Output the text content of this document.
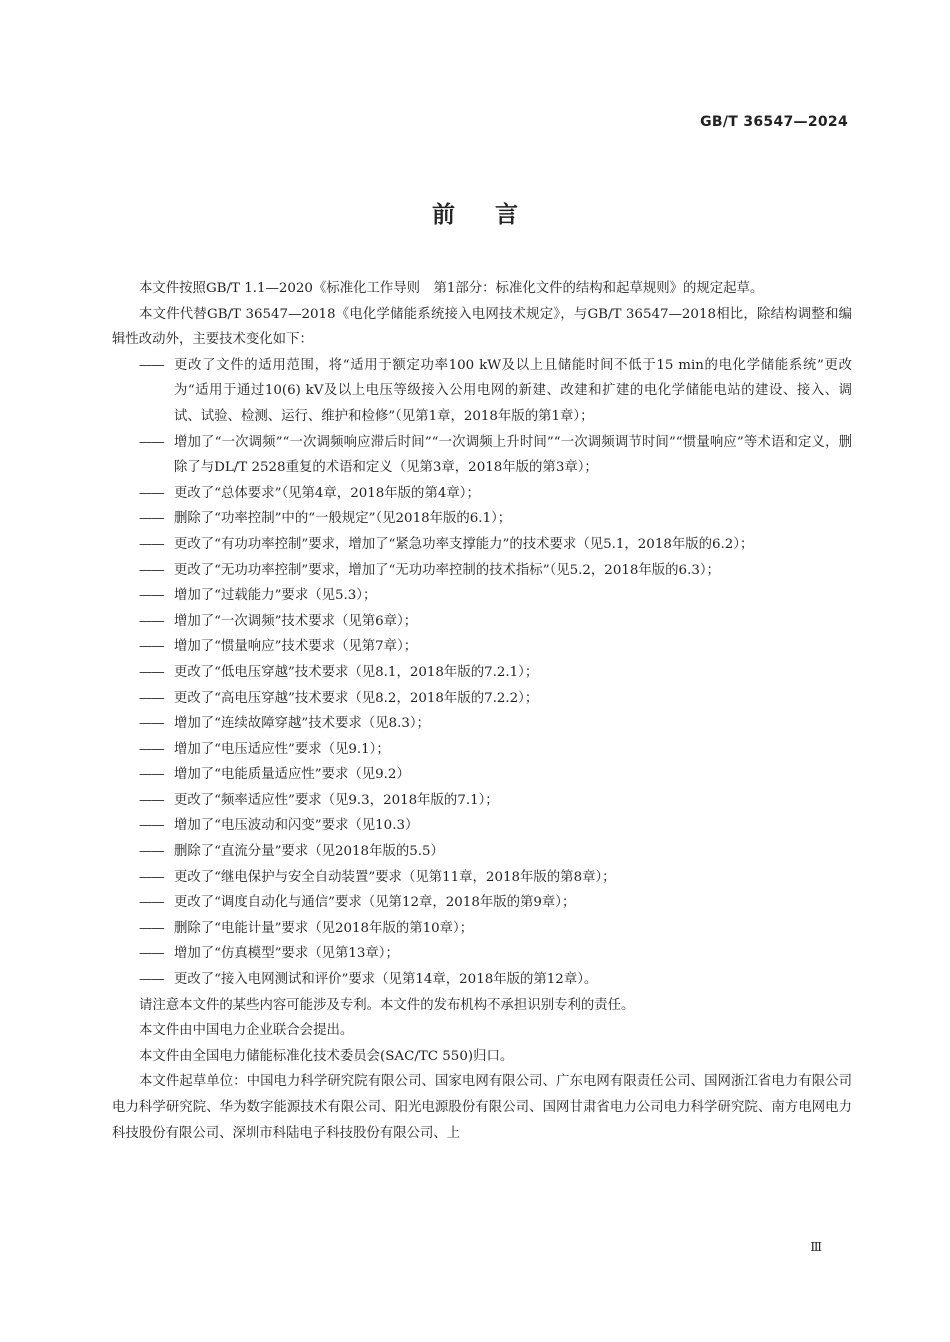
GB/T 36547—2024
前言

本文件按照GB/T 1.1—2020《标准化工作导则　第1部分：标准化文件的结构和起草规则》的规定起草。

本文件代替GB/T 36547—2018《电化学储能系统接入电网技术规定》，与GB/T 36547—2018相比，除结构调整和编辑性改动外，主要技术变化如下：

—— 更改了文件的适用范围，将“适用于额定功率100 kW及以上且储能时间不低于15 min的电化学储能系统”更改为“适用于通过10(6) kV及以上电压等级接入公用电网的新建、改建和扩建的电化学储能电站的建设、接入、调试、试验、检测、运行、维护和检修”（见第1章，2018年版的第1章）；

—— 增加了“一次调频”“一次调频响应滞后时间”“一次调频上升时间”“一次调频调节时间”“惯量响应”等术语和定义，删除了与DL/T 2528重复的术语和定义（见第3章，2018年版的第3章）；

—— 更改了“总体要求”（见第4章，2018年版的第4章）；

—— 删除了“功率控制”中的“一般规定”（见2018年版的6.1）；

—— 更改了“有功功率控制”要求，增加了“紧急功率支撑能力”的技术要求（见5.1，2018年版的6.2）；

—— 更改了“无功功率控制”要求，增加了“无功功率控制的技术指标”（见5.2，2018年版的6.3）；

—— 增加了“过载能力”要求（见5.3）；

—— 增加了“一次调频”技术要求（见第6章）；

—— 增加了“惯量响应”技术要求（见第7章）；

—— 更改了“低电压穿越”技术要求（见8.1，2018年版的7.2.1）；

—— 更改了“高电压穿越”技术要求（见8.2，2018年版的7.2.2）；

—— 增加了“连续故障穿越”技术要求（见8.3）；

—— 增加了“电压适应性”要求（见9.1）；

—— 增加了“电能质量适应性”要求（见9.2）

—— 更改了“频率适应性”要求（见9.3，2018年版的7.1）；

—— 增加了“电压波动和闪变”要求（见10.3）

—— 删除了“直流分量”要求（见2018年版的5.5）

—— 更改了“继电保护与安全自动装置”要求（见第11章，2018年版的第8章）；

—— 更改了“调度自动化与通信”要求（见第12章，2018年版的第9章）；

—— 删除了“电能计量”要求（见2018年版的第10章）；

—— 增加了“仿真模型”要求（见第13章）；

—— 更改了“接入电网测试和评价”要求（见第14章，2018年版的第12章）。

请注意本文件的某些内容可能涉及专利。本文件的发布机构不承担识别专利的责任。

本文件由中国电力企业联合会提出。

本文件由全国电力储能标准化技术委员会(SAC/TC 550)归口。

本文件起草单位：中国电力科学研究院有限公司、国家电网有限公司、广东电网有限责任公司、国网浙江省电力有限公司电力科学研究院、华为数字能源技术有限公司、阳光电源股份有限公司、国网甘肃省电力公司电力科学研究院、南方电网电力科技股份有限公司、深圳市科陆电子科技股份有限公司、上

Ⅲ
